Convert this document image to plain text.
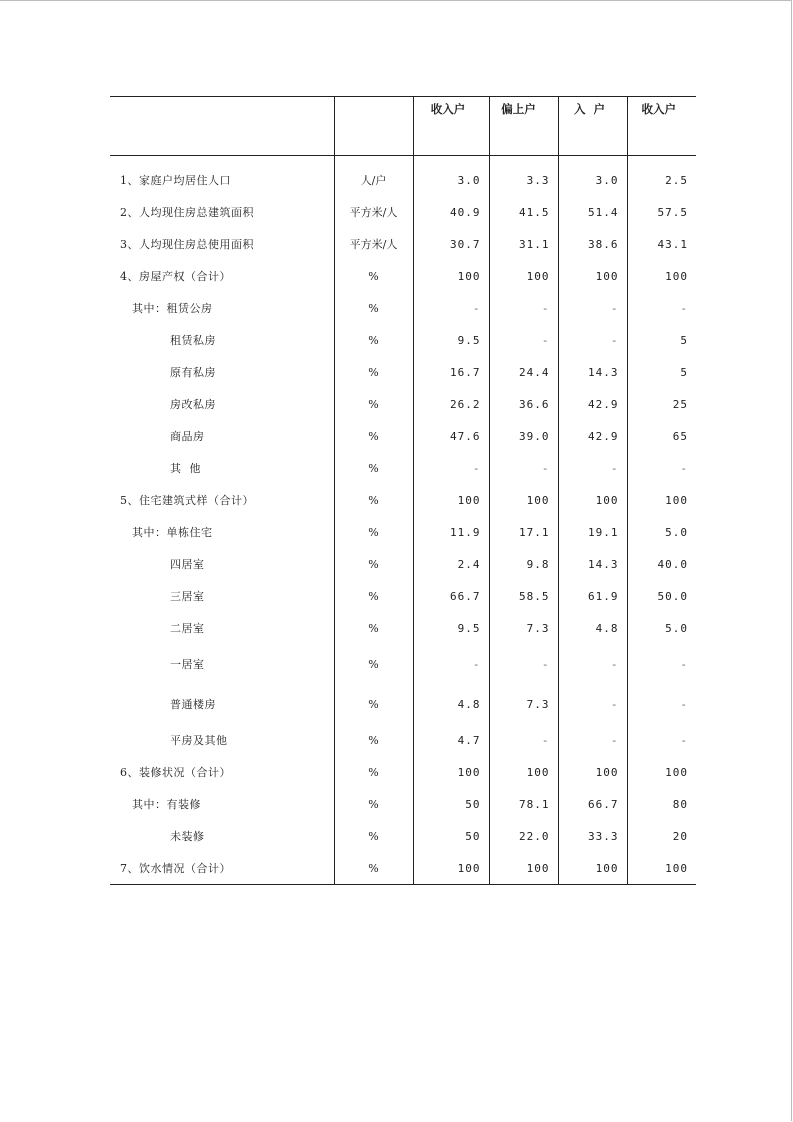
		收入户	偏上户	入  户	收入户

1、家庭户均居住人口	人/户	3.0	3.3	3.0	2.5
2、人均现住房总建筑面积	平方米/人	40.9	41.5	51.4	57.5
3、人均现住房总使用面积	平方米/人	30.7	31.1	38.6	43.1
4、房屋产权（合计）	%	100	100	100	100
其中：租赁公房	%	-	-	-	-
租赁私房	%	9.5	-	-	5
原有私房	%	16.7	24.4	14.3	5
房改私房	%	26.2	36.6	42.9	25
商品房	%	47.6	39.0	42.9	65
其  他	%	-	-	-	-
5、住宅建筑式样（合计）	%	100	100	100	100
其中：单栋住宅	%	11.9	17.1	19.1	5.0
四居室	%	2.4	9.8	14.3	40.0
三居室	%	66.7	58.5	61.9	50.0
二居室	%	9.5	7.3	4.8	5.0
一居室	%	-	-	-	-
普通楼房	%	4.8	7.3	-	-
平房及其他	%	4.7	-	-	-
6、装修状况（合计）	%	100	100	100	100
其中：有装修	%	50	78.1	66.7	80
未装修	%	50	22.0	33.3	20
7、饮水情况（合计）	%	100	100	100	100
